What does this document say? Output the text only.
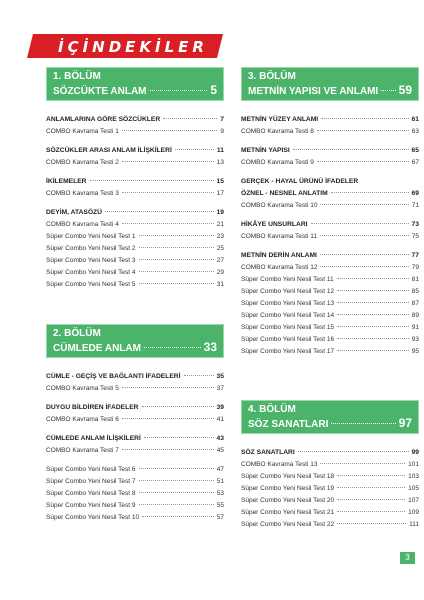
İÇİNDEKİLER
1. BÖLÜM
SÖZCÜKTE ANLAM	5
ANLAMLARINA GÖRE SÖZCÜKLER	7
COMBO Kavrama Testi 1	9
SÖZCÜKLER ARASI ANLAM İLİŞKİLERİ	11
COMBO Kavrama Testi 2	13
İKİLEMELER	15
COMBO Kavrama Testi 3	17
DEYİM, ATASÖZÜ	19
COMBO Kavrama Testi 4	21
Süper Combo Yeni Nesil Test 1	23
Süper Combo Yeni Nesil Test 2	25
Süper Combo Yeni Nesil Test 3	27
Süper Combo Yeni Nesil Test 4	29
Süper Combo Yeni Nesil Test 5	31
2. BÖLÜM
CÜMLEDE ANLAM	33
CÜMLE - GEÇİŞ VE BAĞLANTI İFADELERİ	35
COMBO Kavrama Testi 5	37
DUYGU BİLDİREN İFADELER	39
COMBO Kavrama Testi 6	41
CÜMLEDE ANLAM İLİŞKİLERİ	43
COMBO Kavrama Testi 7	45
Süper Combo Yeni Nesil Test 6	47
Süper Combo Yeni Nesil Test 7	51
Süper Combo Yeni Nesil Test 8	53
Süper Combo Yeni Nesil Test 9	55
Süper Combo Yeni Nesil Test 10	57
3. BÖLÜM
METNİN YAPISI VE ANLAMI 59
METNİN YÜZEY ANLAMI	61
COMBO Kavrama Testi 8	63
METNİN YAPISI	65
COMBO Kavrama Testi 9	67
GERÇEK - HAYAL ÜRÜNÜ İFADELER
ÖZNEL - NESNEL ANLATIM	69
COMBO Kavrama Testi 10	71
HİKÂYE UNSURLARI	73
COMBO Kavrama Testi 11	75
METNİN DERİN ANLAMI	77
COMBO Kavrama Testi 12	79
Süper Combo Yeni Nesil Test 11	81
Süper Combo Yeni Nesil Test 12	85
Süper Combo Yeni Nesil Test 13	87
Süper Combo Yeni Nesil Test 14	89
Süper Combo Yeni Nesil Test 15	91
Süper Combo Yeni Nesil Test 16	93
Süper Combo Yeni Nesil Test 17	95
4. BÖLÜM
SÖZ SANATLARI	97
SÖZ SANATLARI	99
COMBO Kavrama Testi 13	101
Süper Combo Yeni Nesil Test 18	103
Süper Combo Yeni Nesil Test 19	105
Süper Combo Yeni Nesil Test 20	107
Süper Combo Yeni Nesil Test 21	109
Süper Combo Yeni Nesil Test 22	111
3
